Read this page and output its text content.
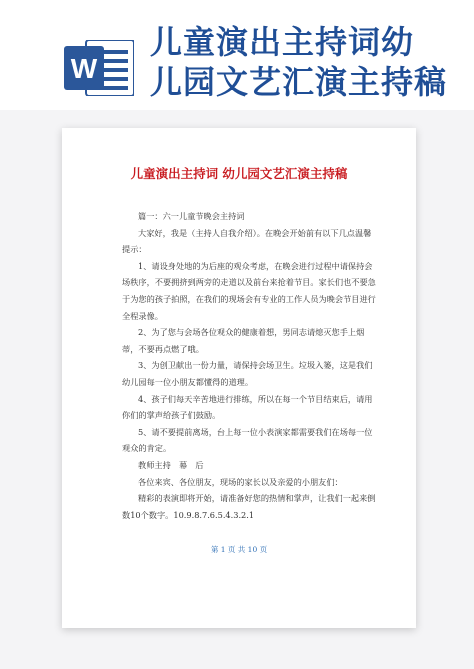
W
儿童演出主持词幼
儿园文艺汇演主持稿
儿童演出主持词 幼儿园文艺汇演主持稿

篇一：六一儿童节晚会主持词

大家好，我是（主持人自我介绍）。在晚会开始前有以下几点温馨提示：

1、请设身处地的为后座的观众考虑，在晚会进行过程中请保持会场秩序，不要拥挤到两旁的走道以及前台来抢着节目。家长们也不要急于为您的孩子拍照，在我们的现场会有专业的工作人员为晚会节目进行全程录像。

2、为了您与会场各位观众的健康着想，男同志请熄灭您手上烟蒂，不要再点燃了哦。

3、为创卫献出一份力量，请保持会场卫生。垃圾入篓，这是我们幼儿园每一位小朋友都懂得的道理。

4、孩子们每天辛苦地进行排练，所以在每一个节目结束后，请用你们的掌声给孩子们鼓励。

5、请不要提前离场，台上每一位小表演家都需要我们在场每一位观众的肯定。

教师主持　幕　后

各位来宾、各位朋友，现场的家长以及亲爱的小朋友们：

精彩的表演即将开始，请准备好您的热情和掌声，让我们一起来倒数10个数字。10.9.8.7.6.5.4.3.2.1

第 1 页 共 10 页
